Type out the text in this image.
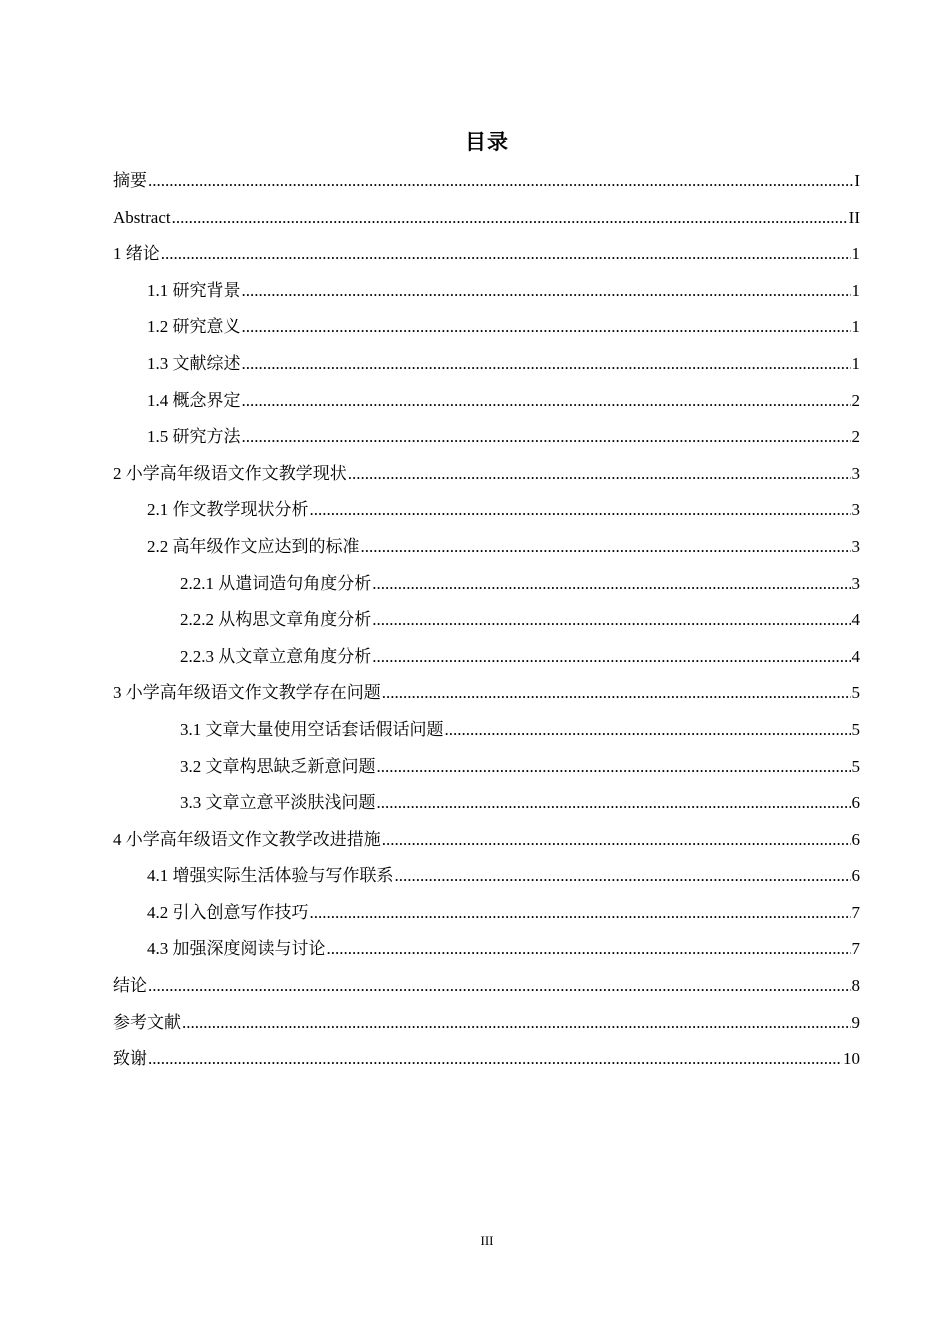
目录
摘要 .....	I
Abstract .....	II
1 绪论 .....	1
1.1 研究背景 .....	1
1.2 研究意义 .....	1
1.3 文献综述 .....	1
1.4 概念界定 .....	2
1.5 研究方法 .....	2
2 小学高年级语文作文教学现状 .....	3
2.1 作文教学现状分析 .....	3
2.2 高年级作文应达到的标准 .....	3
2.2.1 从遣词造句角度分析 .....	3
2.2.2 从构思文章角度分析 .....	4
2.2.3 从文章立意角度分析 .....	4
3 小学高年级语文作文教学存在问题 .....	5
3.1 文章大量使用空话套话假话问题 .....	5
3.2 文章构思缺乏新意问题 .....	5
3.3 文章立意平淡肤浅问题 .....	6
4 小学高年级语文作文教学改进措施 .....	6
4.1 增强实际生活体验与写作联系 .....	6
4.2 引入创意写作技巧 .....	7
4.3 加强深度阅读与讨论 .....	7
结论 .....	8
参考文献 .....	9
致谢 .....	10
III
